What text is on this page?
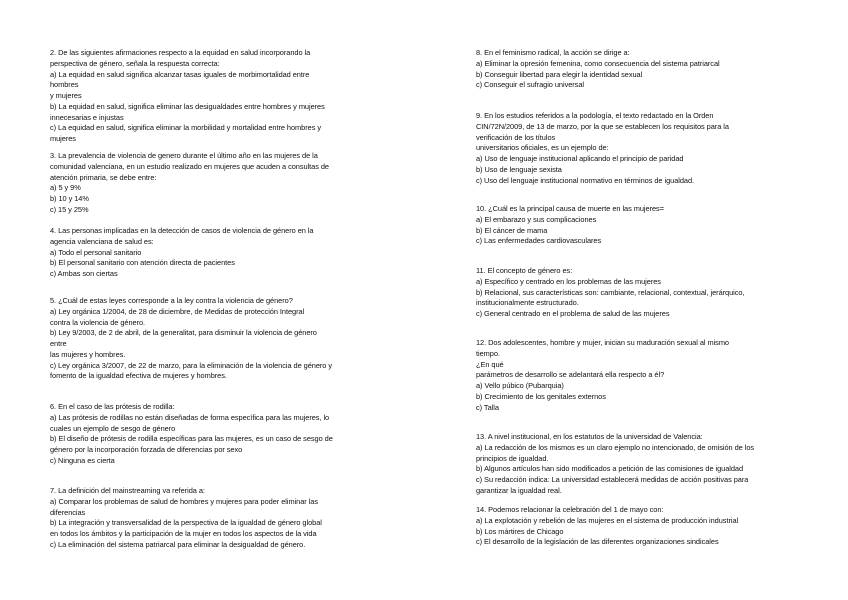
2. De las siguientes afirmaciones respecto a la equidad en salud incorporando la
perspectiva de género, señala la respuesta correcta:
a) La equidad en salud significa alcanzar tasas iguales de morbimortalidad entre
hombres
y mujeres
b) La equidad en salud, significa eliminar las desigualdades entre hombres y mujeres
innecesarias e injustas
c) La equidad en salud, significa eliminar la morbilidad y mortalidad entre hombres y
mujeres
3. La prevalencia de violencia de genero durante el último año en las mujeres de la
comunidad valenciana, en un estudio realizado en mujeres que acuden a consultas de
atención primaria, se debe entre:
a) 5 y 9%
b) 10 y 14%
c) 15 y 25%
4. Las personas implicadas en la detección de casos de violencia de género en la
agencia valenciana de salud es:
a) Todo el personal sanitario
b) El personal sanitario con atención directa de pacientes
c) Ambas son ciertas
5. ¿Cuál de estas leyes corresponde a la ley contra la violencia de género?
a) Ley orgánica 1/2004, de 28 de diciembre, de Medidas de protección Integral
contra la violencia de género.
b) Ley 9/2003, de 2 de abril, de la generalitat, para disminuir la violencia de género
entre
las mujeres y hombres.
c) Ley orgánica 3/2007, de 22 de marzo, para la eliminación de la violencia de género y
fomento de la igualdad efectiva de mujeres y hombres.
6. En el caso de las prótesis de rodilla:
a) Las prótesis de rodillas no están diseñadas de forma específica para las mujeres, lo
cuales un ejemplo de sesgo de género
b) El diseño de prótesis de rodilla específicas para las mujeres, es un caso de sesgo de
género por la incorporación forzada de diferencias por sexo
c) Ninguna es cierta
7. La definición del mainstreaming va referida a:
a) Comparar los problemas de salud de hombres y mujeres para poder eliminar las
diferencias
b) La integración y transversalidad de la perspectiva de la igualdad de género global
en todos los ámbitos y la participación de la mujer en todos los aspectos de la vida
c) La eliminación del sistema patriarcal para eliminar la desigualdad de género.
8. En el feminismo radical, la acción se dirige a:
a) Eliminar la opresión femenina, como consecuencia del sistema patriarcal
b) Conseguir libertad para elegir la identidad sexual
c) Conseguir el sufragio universal
9. En los estudios referidos a la podología, el texto redactado en la Orden
CIN/72N/2009, de 13 de marzo, por la que se establecen los requisitos para la
verificación de los títulos
universitarios oficiales, es un ejemplo de:
a) Uso de lenguaje institucional aplicando el principio de paridad
b) Uso de lenguaje sexista
c) Uso del lenguaje institucional normativo en términos de igualdad.
10. ¿Cuál es la principal causa de muerte en las mujeres=
a) El embarazo y sus complicaciones
b) El cáncer de mama
c) Las enfermedades cardiovasculares
11. El concepto de género es:
a) Específico y centrado en los problemas de las mujeres
b) Relacional, sus características son: cambiante, relacional, contextual, jerárquico,
institucionalmente estructurado.
c) General centrado en el problema de salud de las mujeres
12. Dos adolescentes, hombre y mujer, inician su maduración sexual al mismo
tiempo.
¿En qué
parámetros de desarrollo se adelantará ella respecto a él?
a) Vello púbico (Pubarquia)
b) Crecimiento de los genitales externos
c) Talla
13. A nivel institucional, en los estatutos de la universidad de Valencia:
a) La redacción de los mismos es un claro ejemplo no intencionado, de omisión de los
principios de igualdad.
b) Algunos artículos han sido modificados a petición de las comisiones de igualdad
c) Su redacción indica: La universidad establecerá medidas de acción positivas para
garantizar la igualdad real.
14. Podemos relacionar la celebración del 1 de mayo con:
a) La explotación y rebelión de las mujeres en el sistema de producción industrial
b) Los mártires de Chicago
c) El desarrollo de la legislación de las diferentes organizaciones sindicales
